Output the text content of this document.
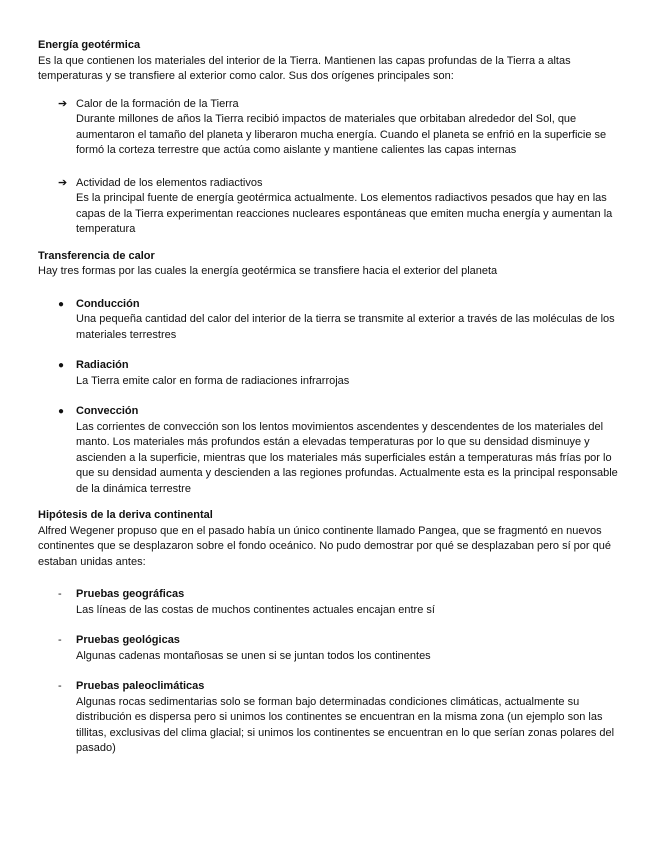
Energía geotérmica

Es la que contienen los materiales del interior de la Tierra. Mantienen las capas profundas de la Tierra a altas temperaturas y se transfiere al exterior como calor. Sus dos orígenes principales son:

➔ Calor de la formación de la Tierra

Durante millones de años la Tierra recibió impactos de materiales que orbitaban alrededor del Sol, que aumentaron el tamaño del planeta y liberaron mucha energía. Cuando el planeta se enfrió en la superficie se formó la corteza terrestre que actúa como aislante y mantiene calientes las capas internas

➔ Actividad de los elementos radiactivos

Es la principal fuente de energía geotérmica actualmente. Los elementos radiactivos pesados que hay en las capas de la Tierra experimentan reacciones nucleares espontáneas que emiten mucha energía y aumentan la temperatura

Transferencia de calor

Hay tres formas por las cuales la energía geotérmica se transfiere hacia el exterior del planeta

●	Conducción

Una pequeña cantidad del calor del interior de la tierra se transmite al exterior a través de las moléculas de los materiales terrestres

●	Radiación

La Tierra emite calor en forma de radiaciones infrarrojas

●	Convección

Las corrientes de convección son los lentos movimientos ascendentes y descendentes de los materiales del manto. Los materiales más profundos están a elevadas temperaturas por lo que su densidad disminuye y ascienden a la superficie, mientras que los materiales más superficiales están a temperaturas más frías por lo que su densidad aumenta y descienden a las regiones profundas. Actualmente esta es la principal responsable de la dinámica terrestre

Hipótesis de la deriva continental

Alfred Wegener propuso que en el pasado había un único continente llamado Pangea, que se fragmentó en nuevos continentes que se desplazaron sobre el fondo oceánico. No pudo demostrar por qué se desplazaban pero sí por qué estaban unidas antes:

-	Pruebas geográficas

Las líneas de las costas de muchos continentes actuales encajan entre sí

-	Pruebas geológicas

Algunas cadenas montañosas se unen si se juntan todos los continentes

-	Pruebas paleoclimáticas

Algunas rocas sedimentarias solo se forman bajo determinadas condiciones climáticas, actualmente su distribución es dispersa pero si unimos los continentes se encuentran en la misma zona (un ejemplo son las tillitas, exclusivas del clima glacial; si unimos los continentes se encuentran en lo que serían zonas polares del pasado)
